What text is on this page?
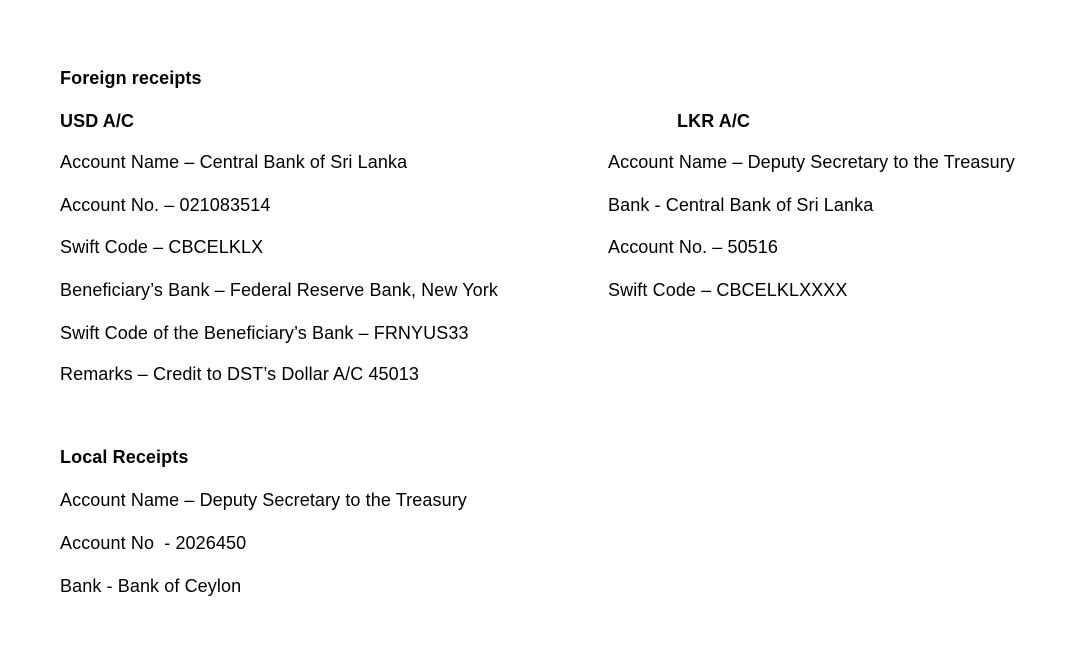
Foreign receipts
USD A/C	LKR A/C
Account Name – Central Bank of Sri Lanka
Account No. – 021083514
Swift Code – CBCELKLX
Beneficiary’s Bank – Federal Reserve Bank, New York
Swift Code of the Beneficiary’s Bank – FRNYUS33
Remarks – Credit to DST’s Dollar A/C 45013
Account Name – Deputy Secretary to the Treasury
Bank - Central Bank of Sri Lanka
Account No. – 50516
Swift Code – CBCELKLXXXX
Local Receipts
Account Name – Deputy Secretary to the Treasury
Account No  - 2026450
Bank - Bank of Ceylon
